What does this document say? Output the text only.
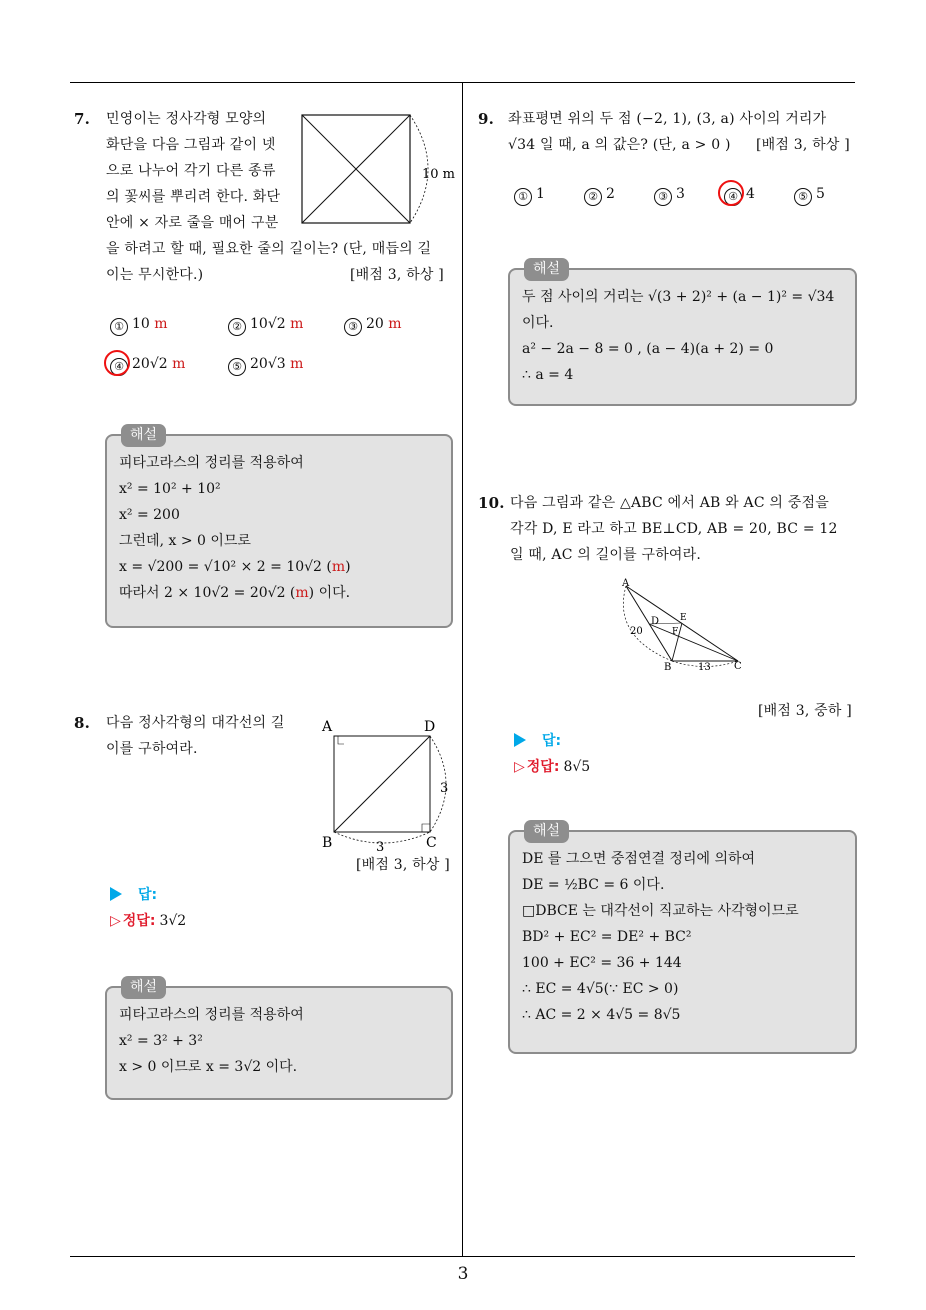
3
7. 민영이는 정사각형 모양의
화단을 다음 그림과 같이 넷
으로 나누어 각기 다른 종류
의 꽃씨를 뿌리려 한다. 화단
안에 × 자로 줄을 매어 구분
을 하려고 할 때, 필요한 줄의 길이는? (단, 매듭의 길
이는 무시한다.)	[배점 3, 하상 ]
10 m
① 10 m	② 10√2 m	③ 20 m
④ 20√2 m	⑤ 20√3 m
해설
피타고라스의 정리를 적용하여
x² = 10² + 10²
x² = 200
그런데, x > 0 이므로
x = √200 = √10² × 2 = 10√2 (m)
따라서 2 × 10√2 = 20√2 (m) 이다.
8. 다음 정사각형의 대각선의 길
이를 구하여라.
A	D
B	C
3
3
[배점 3, 하상 ]
답:
▷ 정답: 3√2
해설
피타고라스의 정리를 적용하여
x² = 3² + 3²
x > 0 이므로 x = 3√2 이다.
9. 좌표평면 위의 두 점 (−2, 1), (3, a) 사이의 거리가
√34 일 때, a 의 값은? (단, a > 0 )	[배점 3, 하상 ]
① 1	② 2	③ 3	④ 4	⑤ 5
해설
두 점 사이의 거리는 √(3 + 2)² + (a − 1)² = √34
이다.
a² − 2a − 8 = 0 , (a − 4)(a + 2) = 0
∴ a = 4
10. 다음 그림과 같은 △ABC 에서 AB 와 AC 의 중점을
각각 D, E 라고 하고 BE⊥CD, AB = 20, BC = 12
일 때, AC 의 길이를 구하여라.
A
B	C
D E
F
20
13
[배점 3, 중하 ]
답:
▷ 정답: 8√5
해설
DE 를 그으면 중점연결 정리에 의하여
DE = ½BC = 6 이다.
□DBCE 는 대각선이 직교하는 사각형이므로
BD² + EC² = DE² + BC²
100 + EC² = 36 + 144
∴ EC = 4√5(∵ EC > 0)
∴ AC = 2 × 4√5 = 8√5
